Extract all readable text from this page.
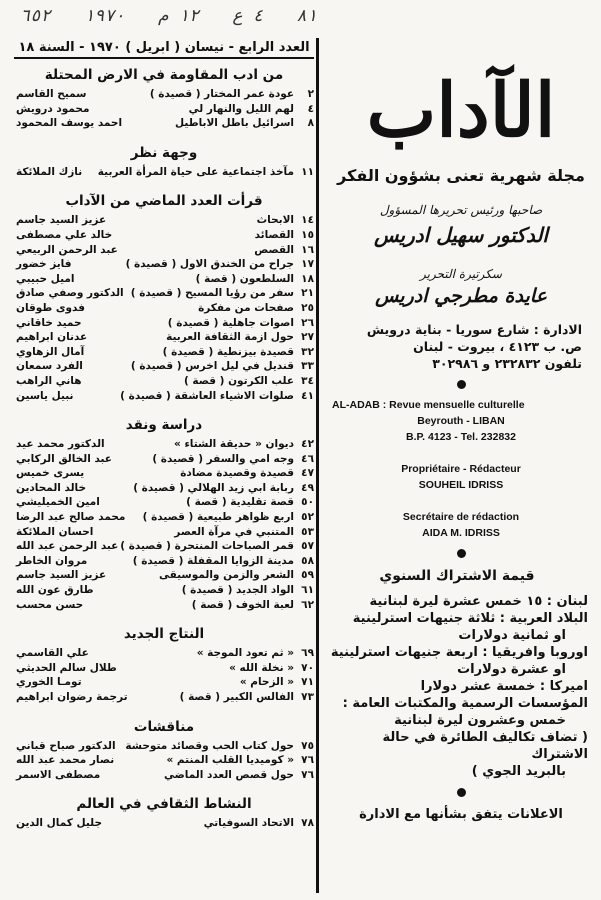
٦٥٢ ١٩٧٠ ١٢ م ٤ ع ٨١
الآداب
مجلة شهرية تعنى بشؤون الفكر
صاحبها ورئيس تحريرها المسؤول
الدكتور سهيل ادريس
سكرتيرة التحرير
عايدة مطرجي ادريس
الادارة : شارع سوريا - بناية درويش
ص. ب ٤١٢٣ ، بيروت - لبنان
تلفون ٢٣٢٨٣٢ و ٣٠٢٩٨٦
AL-ADAB : Revue mensuelle culturelle
Beyrouth - LIBAN
B.P. 4123 - Tel. 232832
Propriétaire - Rédacteur
SOUHEIL IDRISS
Secrétaire de rédaction
AIDA M. IDRISS
قيمة الاشتراك السنوي
لبنان : ١٥ خمس عشرة ليرة لبنانية
البلاد العربية : ثلاثة جنيهات استرلينية
او ثمانية دولارات
اوروبا وافريقيا : اربعة جنيهات استرلينية
او عشرة دولارات
اميركا : خمسة عشر دولارا
المؤسسات الرسمية والمكتبات العامة :
خمس وعشرون ليرة لبنانية
( تضاف تكاليف الطائرة في حالة الاشتراك
بالبريد الجوي )
الاعلانات يتفق بشأنها مع الادارة
العدد الرابع - نيسان ( ابريل ) ١٩٧٠ - السنة ١٨
من ادب المقاومة في الارض المحتلة
٢
عودة عمر المختار ( قصيدة )
سميح القاسم
٤
لهم الليل والنهار لي
محمود درويش
٨
اسرائيل باطل الاباطيل
احمد يوسف المحمود
وجهة نظر
١١
مآخذ اجتماعية على حياة المرأة العربية
نازك الملائكة
قرأت العدد الماضي من الآداب
١٤
الابحاث
عزيز السيد جاسم
١٥
القصائد
خالد علي مصطفى
١٦
القصص
عبد الرحمن الربيعي
١٧
جراح من الخندق الاول ( قصيدة )
فايز خضور
١٨
السلطعون ( قصة )
اميل حبيبي
٢١
سفر من رؤيا المسيح ( قصيدة )
الدكتور وصفي صادق
٢٥
صفحات من مفكرة
فدوى طوقان
٢٦
اصوات جاهلية ( قصيدة )
حميد خاقاني
٢٧
حول ازمة الثقافة العربية
عدنان ابراهيم
٣٢
قصيدة بيزنطية ( قصيدة )
آمال الزهاوي
٣٣
قنديل في ليل اخرس ( قصيدة )
الفرد سمعان
٣٤
علب الكرتون ( قصة )
هاني الراهب
٤١
صلوات الاشياء العاشقة ( قصيدة )
نبيل ياسين
دراسة ونقد
٤٢
ديوان « حديقة الشتاء »
الدكتور محمد عيد
٤٦
وجه امي والسفر ( قصيدة )
عبد الخالق الركابي
٤٧
قصيدة وقصيدة مضادة
يسرى خميس
٤٩
ربابة ابي زيد الهلالي ( قصيدة )
خالد المحادين
٥٠
قصة تقليدية ( قصة )
امين الخميليشي
٥٢
اربع ظواهر طبيعية ( قصيدة )
محمد صالح عبد الرضا
٥٣
المتنبي في مرآة العصر
احسان الملائكة
٥٧
قمر الصباحات المنتحرة ( قصيدة )
عبد الرحمن عبد الله
٥٨
مدينة الزوايا المقفلة ( قصيدة )
مروان الخاطر
٥٩
الشعر والزمن والموسيقى
عزيز السيد جاسم
٦١
الواد الجديد ( قصيدة )
طارق عون الله
٦٢
لعبة الخوف ( قصة )
حسن محسب
النتاج الجديد
٦٩
« ثم تعود الموجة »
علي القاسمي
٧٠
« نخلة الله »
طلال سالم الحديثي
٧١
« الزحام »
تومـا الخوري
٧٣
الفالس الكبير ( قصة )
ترجمة رضوان ابراهيم
مناقشات
٧٥
حول كتاب الحب وقصائد متوحشة
الدكتور صباح قباني
٧٦
« كوميديا القلب المنتم »
نصار محمد عبد الله
٧٦
حول قصص العدد الماضي
مصطفى الاسمر
النشاط الثقافي في العالم
٧٨
الاتحاد السوفياتي
جليل كمال الدين
